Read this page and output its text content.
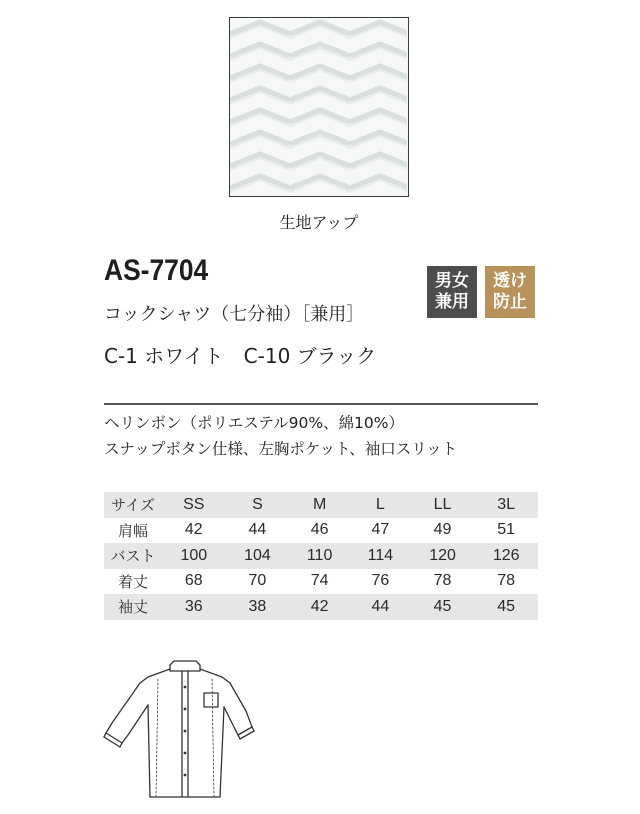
生地アップ
AS-7704
コックシャツ（七分袖）［兼用］
C-1 ホワイト　C-10 ブラック
男女
兼用
透け
防止
ヘリンボン（ポリエステル90%、綿10%）
スナップボタン仕様、左胸ポケット、袖口スリット
サイズ	SS	S	M	L	LL	3L
肩幅	42	44	46	47	49	51
バスト	100	104	110	114	120	126
着丈	68	70	74	76	78	78
袖丈	36	38	42	44	45	45
